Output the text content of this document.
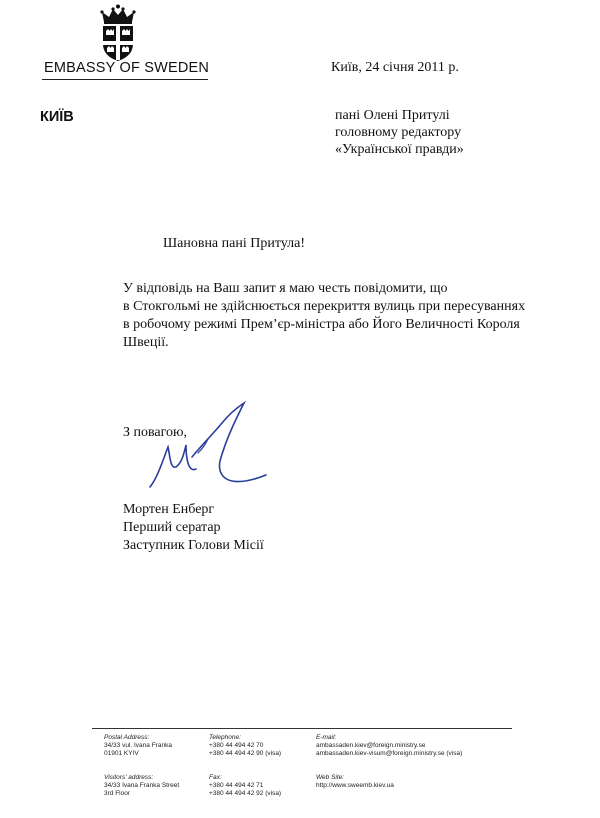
EMBASSY OF SWEDEN	Київ, 24 січня 2011 р.
КИЇВ	пані Олені Притулі
головному редактору
«Української правди»
Шановна пані Притула!
У відповідь на Ваш запит я маю честь повідомити, що
в Стокгольмі не здійснюється перекриття вулиць при пересуваннях
в робочому режимі Прем’єр-міністра або Його Величності Короля
Швеції.
З повагою,
Мортен Енберг
Перший сератар
Заступник Голови Місії
Postal Address:
34/33 vul. Ivana Franka
01901 KYIV
Visitors' address:
34/33 Ivana Franka Street
3rd Floor
Telephone:
+380 44 494 42 70
+380 44 494 42 90 (visa)
Fax:
+380 44 494 42 71
+380 44 494 42 92 (visa)
E-mail:
ambassaden.kiev@foreign.ministry.se
ambassaden.kiev-visum@foreign.ministry.se (visa)
Web Site:
http://www.sweemb.kiev.ua
